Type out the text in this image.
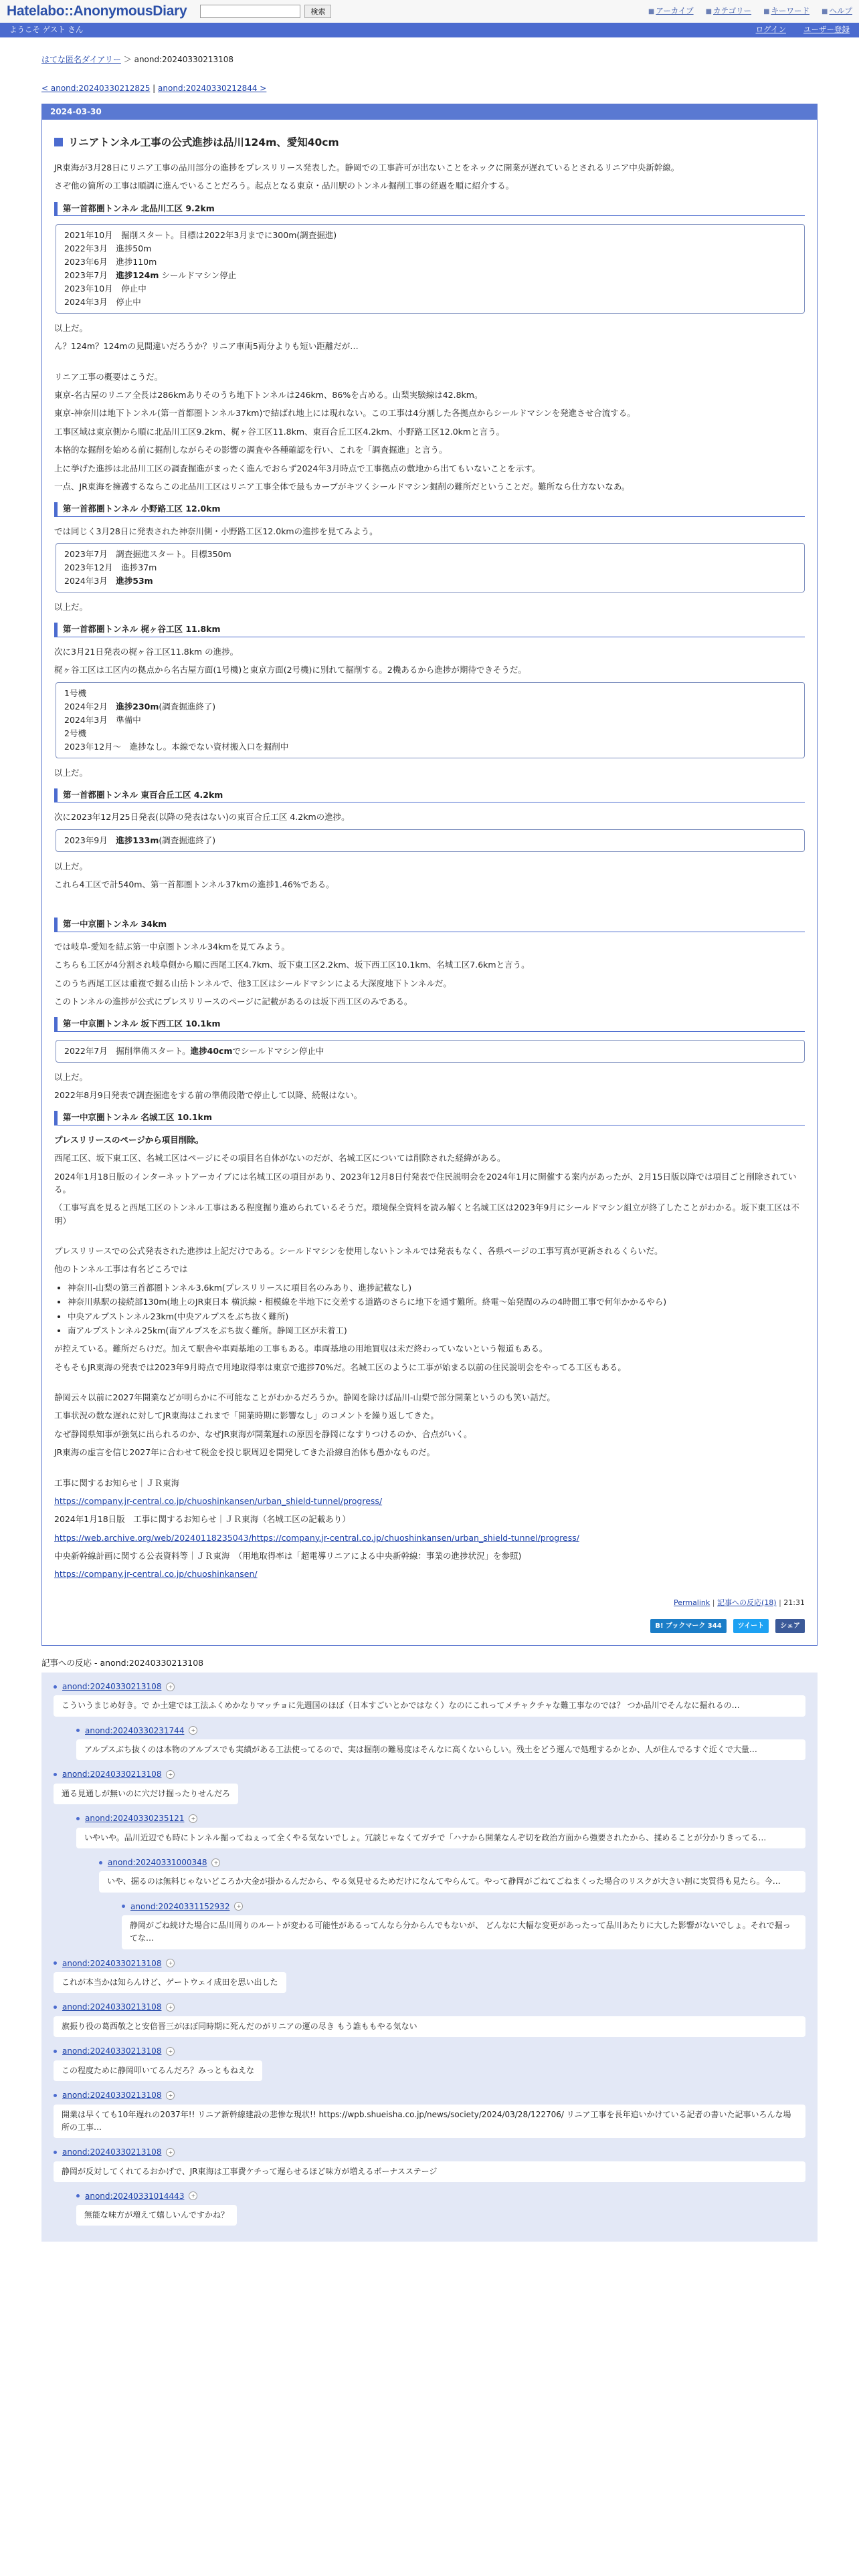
Hatelabo::AnonymousDiary	検索	■ アーカイブ ■ カテゴリー ■ キーワード ■ ヘルプ
ようこそ ゲスト さん	ログイン ユーザー登録
はてな匿名ダイアリー ＞ anond:20240330213108
< anond:20240330212825 | anond:20240330212844 >
2024-03-30
リニアトンネル工事の公式進捗は品川124m、愛知40cm

JR東海が3月28日にリニア工事の品川部分の進捗をプレスリリース発表した。静岡での工事許可が出ないことをネックに開業が遅れているとされるリニア中央新幹線。

さぞ他の箇所の工事は順調に進んでいることだろう。起点となる東京・品川駅のトンネル掘削工事の経過を順に紹介する。

第一首都圏トンネル 北品川工区 9.2km
2021年10月　掘削スタート。目標は2022年3月までに300m(調査掘進)
2022年3月　進捗50m
2023年6月　進捗110m
2023年7月　進捗124m シールドマシン停止
2023年10月　停止中
2024年3月　停止中

以上だ。

ん？124m？124mの見間違いだろうか？リニア車両5両分よりも短い距離だが…

リニア工事の概要はこうだ。

東京-名古屋のリニア全長は286kmありそのうち地下トンネルは246km、86%を占める。山梨実験線は42.8km。

東京-神奈川は地下トンネル(第一首都圏トンネル37km)で結ばれ地上には現れない。この工事は4分割した各拠点からシールドマシンを発進させ合流する。

工事区域は東京側から順に北品川工区9.2km、梶ヶ谷工区11.8km、東百合丘工区4.2km、小野路工区12.0kmと言う。

本格的な掘削を始める前に掘削しながらその影響の調査や各種確認を行い、これを「調査掘進」と言う。

上に挙げた進捗は北品川工区の調査掘進がまったく進んでおらず2024年3月時点で工事拠点の敷地から出てもいないことを示す。

一点、JR東海を擁護するならこの北品川工区はリニア工事全体で最もカーブがキツくシールドマシン掘削の難所だということだ。難所なら仕方ないなあ。

第一首都圏トンネル 小野路工区 12.0km

では同じく3月28日に発表された神奈川側・小野路工区12.0kmの進捗を見てみよう。

2023年7月　調査掘進スタート。目標350m
2023年12月　進捗37m
2024年3月　進捗53m

以上だ。

第一首都圏トンネル 梶ヶ谷工区 11.8km

次に3月21日発表の梶ヶ谷工区11.8km の進捗。

梶ヶ谷工区は工区内の拠点から名古屋方面(1号機)と東京方面(2号機)に別れて掘削する。2機あるから進捗が期待できそうだ。

1号機
2024年2月　進捗230m(調査掘進終了)
2024年3月　準備中
2号機
2023年12月〜　進捗なし。本線でない資材搬入口を掘削中

以上だ。

第一首都圏トンネル 東百合丘工区 4.2km

次に2023年12月25日発表(以降の発表はない)の東百合丘工区 4.2kmの進捗。

2023年9月　進捗133m(調査掘進終了)

以上だ。

これら4工区で計540m、第一首都圏トンネル37kmの進捗1.46%である。

第一中京圏トンネル 34km

では岐阜-愛知を結ぶ第一中京圏トンネル34kmを見てみよう。

こちらも工区が4分割され岐阜側から順に西尾工区4.7km、坂下東工区2.2km、坂下西工区10.1km、名城工区7.6kmと言う。

このうち西尾工区は重複で掘る山岳トンネルで、他3工区はシールドマシンによる大深度地下トンネルだ。

このトンネルの進捗が公式にプレスリリースのページに記載があるのは坂下西工区のみである。

第一中京圏トンネル 坂下西工区 10.1km
2022年7月　掘削準備スタート。進捗40cmでシールドマシン停止中

以上だ。

2022年8月9日発表で調査掘進をする前の準備段階で停止して以降、続報はない。

第一中京圏トンネル 名城工区 10.1km

プレスリリースのページから項目削除。

西尾工区、坂下東工区、名城工区はページにその項目名自体がないのだが、名城工区については削除された経緯がある。

2024年1月18日版のインターネットアーカイブには名城工区の項目があり、2023年12月8日付発表で住民説明会を2024年1月に開催する案内があったが、2月15日版以降では項目ごと削除されている。

（工事写真を見ると西尾工区のトンネル工事はある程度掘り進められているそうだ。環境保全資料を読み解くと名城工区は2023年9月にシールドマシン組立が終了したことがわかる。坂下東工区は不明）

プレスリリースでの公式発表された進捗は上記だけである。シールドマシンを使用しないトンネルでは発表もなく、各県ページの工事写真が更新されるくらいだ。

他のトンネル工事は有名どころでは

• 神奈川-山梨の第三首都圏トンネル3.6km(プレスリリースに項目名のみあり、進捗記載なし)
• 神奈川県駅の接続部130m(地上のJR東日本 横浜線・相模線を半地下に交差する道路のさらに地下を通す難所。終電〜始発間のみの4時間工事で何年かかるやら)
• 中央アルプストンネル23km(中央アルプスをぶち抜く難所)
• 南アルプストンネル25km(南アルプスをぶち抜く難所。静岡工区が未着工)

が控えている。難所だらけだ。加えて駅舎や車両基地の工事もある。車両基地の用地買収は未だ終わっていないという報道もある。

そもそもJR東海の発表では2023年9月時点で用地取得率は東京で進捗70%だ。名城工区のように工事が始まる以前の住民説明会をやってる工区もある。

静岡云々以前に2027年開業などが明らかに不可能なことがわかるだろうか。静岡を除けば品川-山梨で部分開業というのも笑い話だ。

工事状況の数な遅れに対してJR東海はこれまで「開業時期に影響なし」のコメントを繰り返してきた。

なぜ静岡県知事が強気に出られるのか、なぜJR東海が開業遅れの原因を静岡になすりつけるのか、合点がいく。

JR東海の虚言を信じ2027年に合わせて税金を投じ駅周辺を開発してきた沿線自治体も愚かなものだ。

工事に関するお知らせ｜ＪＲ東海

https://company.jr-central.co.jp/chuoshinkansen/urban_shield-tunnel/progress/

2024年1月18日版　工事に関するお知らせ｜ＪＲ東海（名城工区の記載あり）

https://web.archive.org/web/20240118235043/https://company.jr-central.co.jp/chuoshinkansen/urban_shield-tunnel/progress/

中央新幹線計画に関する公表資料等｜ＪＲ東海　（用地取得率は「超電導リニアによる中央新幹線：事業の進捗状況」を参照)

https://company.jr-central.co.jp/chuoshinkansen/

Permalink | 記事への反応(18) | 21:31
B! ブックマーク 344	ツイート	シェア
記事への反応 - anond:20240330213108
anond:20240330213108	+
こういうまじめ好き。で か土建では工法ふくめかなりマッチョに先週国のほぼ（日本すごいとかではなく）なのにこれってメチャクチャな難工事なのでは？ つか品川でそんなに掘れるの…
anond:20240330231744	+
アルプスぶち抜くのは本物のアルプスでも実績がある工法使ってるので、実は掘削の難易度はそんなに高くないらしい。残土をどう運んで処理するかとか、人が住んでるすぐ近くで大量…
anond:20240330213108	+
通る見通しが無いのに穴だけ掘ったりせんだろ
anond:20240330235121	+
いやいや。品川近辺でも時にトンネル掘ってねぇって全くやる気ないでしょ。冗談じゃなくてガチで「ハナから開業なんぞ切を政治方面から強要されたから、揉めることが分かりきってる…
anond:20240331000348	+
いや、掘るのは無料じゃないどころか大金が掛かるんだから、やる気見せるためだけになんてやらんて。やって静岡がごねてごねまくった場合のリスクが大きい割に実質得も見たら。今…
anond:20240331152932	+
静岡がごね続けた場合に品川周りのルートが変わる可能性があるってんなら分からんでもないが、 どんなに大幅な変更があったって品川あたりに大した影響がないでしょ。それで掘ってな…
anond:20240330213108	+
これが本当かは知らんけど、ゲートウェイ成田を思い出した
anond:20240330213108	+
旗振り役の葛西敬之と安倍晋三がほぼ同時期に死んだのがリニアの運の尽き もう誰ももやる気ない
anond:20240330213108	+
この程度ために静岡叩いてるんだろ？みっともねえな
anond:20240330213108	+
開業は早くても10年遅れの2037年!! リニア新幹線建設の悲惨な現状!! https://wpb.shueisha.co.jp/news/society/2024/03/28/122706/ リニア工事を長年追いかけている記者の書いた記事いろんな場所の工事…
anond:20240330213108	+
静岡が反対してくれてるおかげで、JR東海は工事費ケチって遅らせるほど味方が増えるボーナスステージ
anond:20240331014443	+
無能な味方が増えて嬉しいんですかね？
